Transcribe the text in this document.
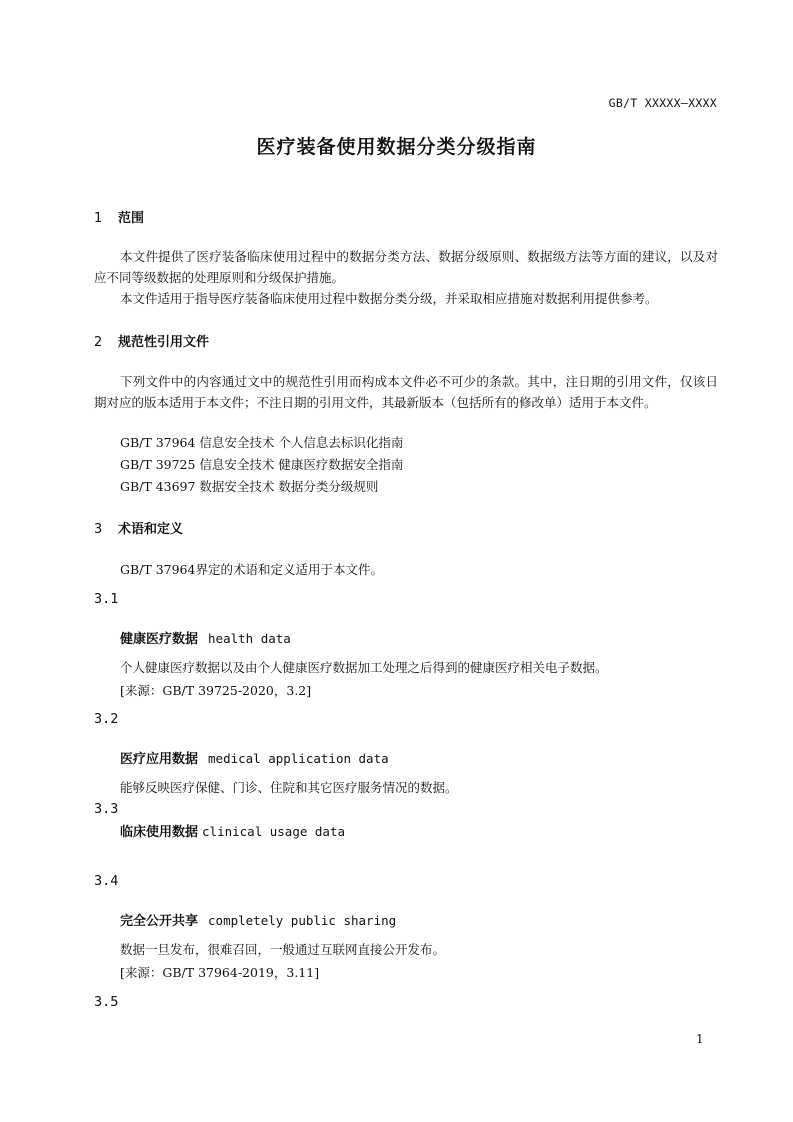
GB/T XXXXX—XXXX
医疗装备使用数据分类分级指南
1 范围
本文件提供了医疗装备临床使用过程中的数据分类方法、数据分级原则、数据级方法等方面的建议，以及对应不同等级数据的处理原则和分级保护措施。
本文件适用于指导医疗装备临床使用过程中数据分类分级，并采取相应措施对数据利用提供参考。
2 规范性引用文件
下列文件中的内容通过文中的规范性引用而构成本文件必不可少的条款。其中，注日期的引用文件，仅该日期对应的版本适用于本文件；不注日期的引用文件，其最新版本（包括所有的修改单）适用于本文件。
GB/T 37964 信息安全技术 个人信息去标识化指南
GB/T 39725 信息安全技术 健康医疗数据安全指南
GB/T 43697 数据安全技术 数据分类分级规则
3 术语和定义
GB/T 37964界定的术语和定义适用于本文件。
3.1
健康医疗数据 health data
个人健康医疗数据以及由个人健康医疗数据加工处理之后得到的健康医疗相关电子数据。
[来源：GB/T 39725-2020，3.2]
3.2
医疗应用数据 medical application data
能够反映医疗保健、门诊、住院和其它医疗服务情况的数据。
3.3
临床使用数据 clinical usage data
3.4
完全公开共享 completely public sharing
数据一旦发布，很难召回，一般通过互联网直接公开发布。
[来源：GB/T 37964-2019，3.11]
3.5
1
